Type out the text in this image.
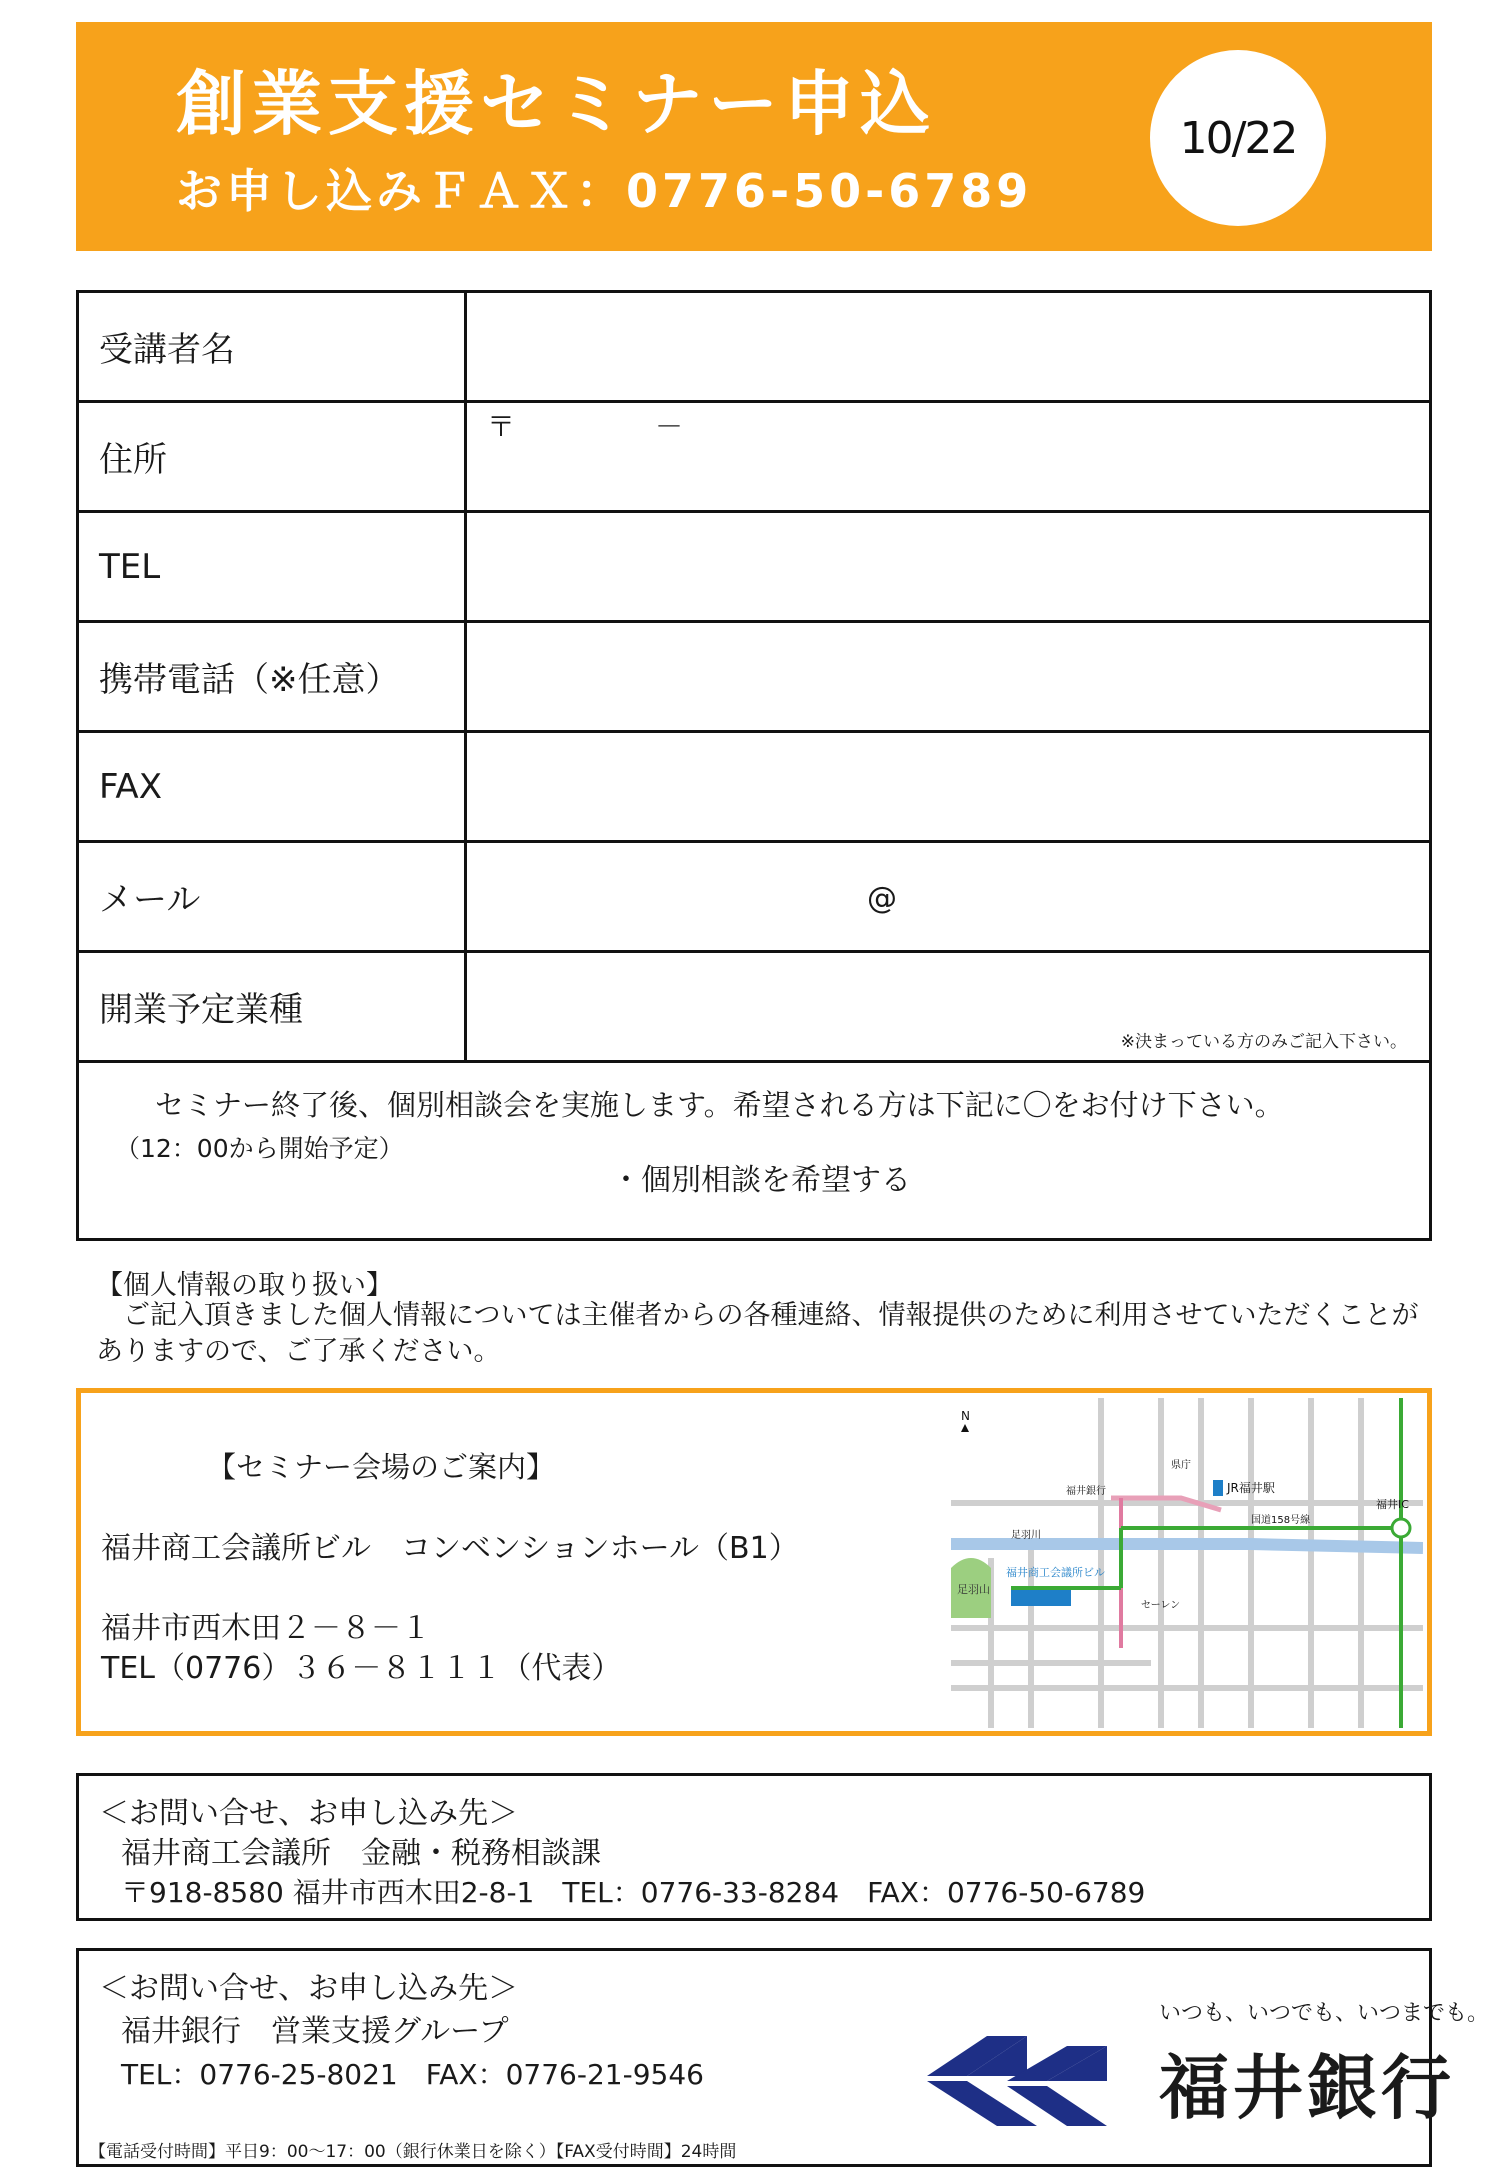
創業支援セミナー申込
お申し込みＦＡＸ：0776-50-6789
10/22
受講者名
住所
〒　　　　　－
TEL
携帯電話（※任意）
FAX
メール	@
開業予定業種
※決まっている方のみご記入下さい。
セミナー終了後、個別相談会を実施します。希望される方は下記に〇をお付け下さい。
（12：00から開始予定）
・個別相談を希望する
【個人情報の取り扱い】
　ご記入頂きました個人情報については主催者からの各種連絡、情報提供のために利用させていただくことがありますので、ご了承ください。
【セミナー会場のご案内】
福井商工会議所ビル　コンベンションホール（B1）
福井市西木田２－８－１
TEL（0776）３６－８１１１（代表）
足羽山
福井商工会議所ビル
JR福井駅
福井銀行
県庁
国道158号線
足羽川
セーレン
福井IC
N
＜お問い合せ、お申し込み先＞
福井商工会議所　金融・税務相談課
〒918-8580 福井市西木田2-8-1　TEL：0776-33-8284　FAX：0776-50-6789
＜お問い合せ、お申し込み先＞
福井銀行　営業支援グループ
TEL：0776-25-8021　FAX：0776-21-9546
【電話受付時間】平日9：00～17：00（銀行休業日を除く）【FAX受付時間】24時間
いつも、いつでも、いつまでも。
福井銀行
